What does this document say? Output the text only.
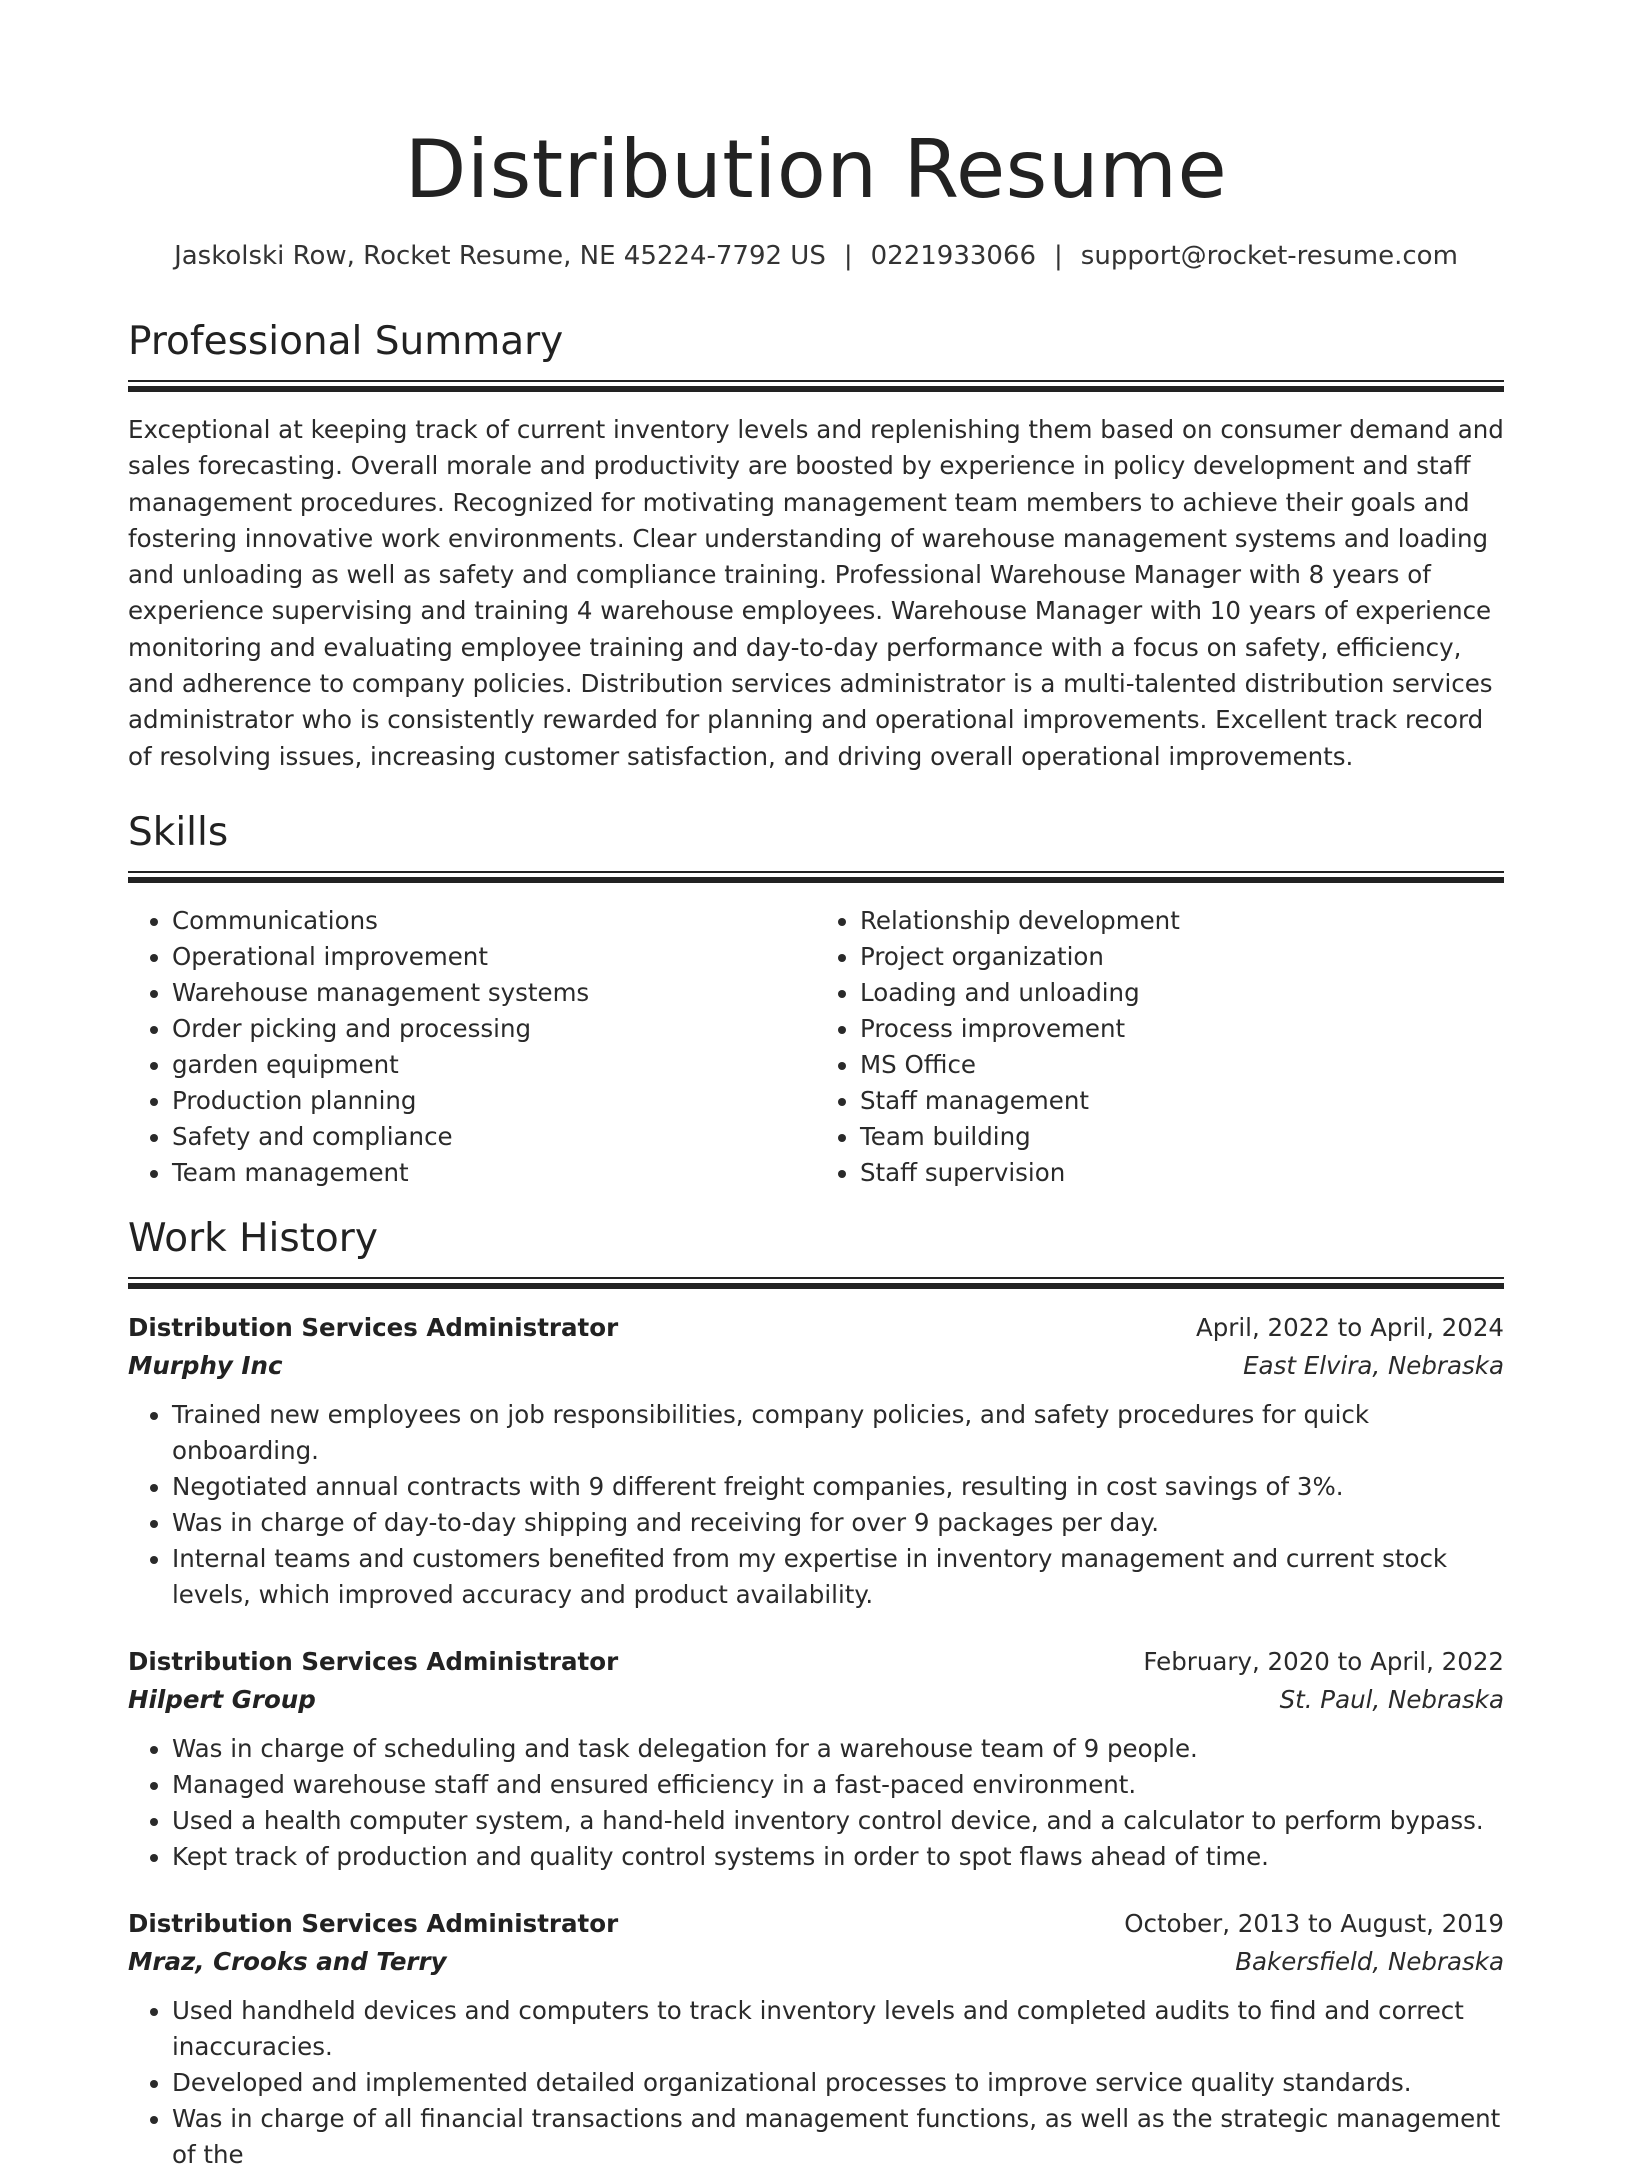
Distribution Resume
Jaskolski Row, Rocket Resume, NE 45224-7792 US | 0221933066 | support@rocket-resume.com
Professional Summary

Exceptional at keeping track of current inventory levels and replenishing them based on consumer demand and sales forecasting. Overall morale and productivity are boosted by experience in policy development and staff management procedures. Recognized for motivating management team members to achieve their goals and fostering innovative work environments. Clear understanding of warehouse management systems and loading and unloading as well as safety and compliance training. Professional Warehouse Manager with 8 years of experience supervising and training 4 warehouse employees. Warehouse Manager with 10 years of experience monitoring and evaluating employee training and day-to-day performance with a focus on safety, efficiency, and adherence to company policies. Distribution services administrator is a multi-talented distribution services administrator who is consistently rewarded for planning and operational improvements. Excellent track record of resolving issues, increasing customer satisfaction, and driving overall operational improvements.

Skills
• Communications
• Operational improvement
• Warehouse management systems
• Order picking and processing
• garden equipment
• Production planning
• Safety and compliance
• Team management
• Relationship development
• Project organization
• Loading and unloading
• Process improvement
• MS Office
• Staff management
• Team building
• Staff supervision
Work History
Distribution Services Administrator	April, 2022 to April, 2024
Murphy Inc	East Elvira, Nebraska
• Trained new employees on job responsibilities, company policies, and safety procedures for quick onboarding.
• Negotiated annual contracts with 9 different freight companies, resulting in cost savings of 3%.
• Was in charge of day-to-day shipping and receiving for over 9 packages per day.
• Internal teams and customers benefited from my expertise in inventory management and current stock levels, which improved accuracy and product availability.
Distribution Services Administrator	February, 2020 to April, 2022
Hilpert Group	St. Paul, Nebraska
• Was in charge of scheduling and task delegation for a warehouse team of 9 people.
• Managed warehouse staff and ensured efficiency in a fast-paced environment.
• Used a health computer system, a hand-held inventory control device, and a calculator to perform bypass.
• Kept track of production and quality control systems in order to spot flaws ahead of time.
Distribution Services Administrator	October, 2013 to August, 2019
Mraz, Crooks and Terry	Bakersfield, Nebraska
• Used handheld devices and computers to track inventory levels and completed audits to find and correct inaccuracies.
• Developed and implemented detailed organizational processes to improve service quality standards.
• Was in charge of all financial transactions and management functions, as well as the strategic management of the
